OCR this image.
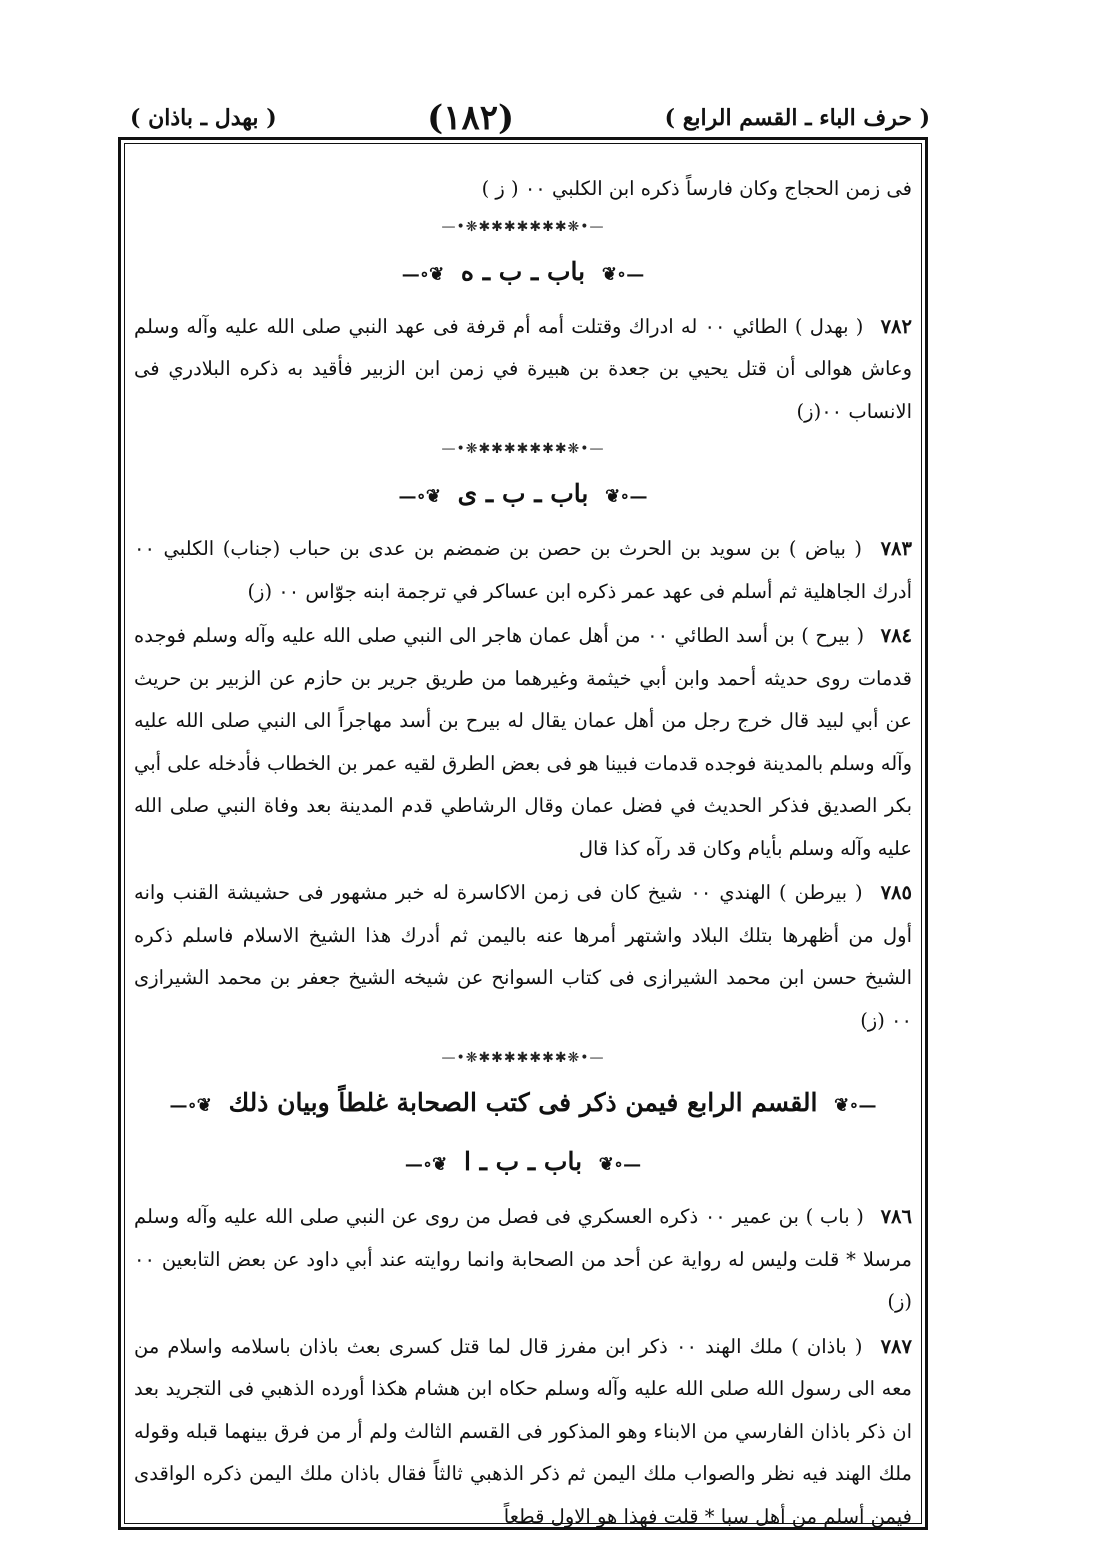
( حرف الباء ـ القسم الرابع )
(١٨٢)
( بهدل ـ باذان )

فى زمن الحجاج وكان فارساً ذكره ابن الكلبي ٠٠ ( ز )

—•❋✱✱✱✱✱✱✱❋•—
—∘❦ باب ـ ب ـ ه ❦∘—

٧٨٢ ( بهدل ) الطائي ٠٠ له ادراك وقتلت أمه أم قرفة فى عهد النبي صلى الله عليه وآله وسلم وعاش هوالى أن قتل يحيي بن جعدة بن هبيرة في زمن ابن الزبير فأقيد به ذكره البلادري فى الانساب ٠٠(ز)

—•❋✱✱✱✱✱✱✱❋•—
—∘❦ باب ـ ب ـ ى ❦∘—

٧٨٣ ( بياض ) بن سويد بن الحرث بن حصن بن ضمضم بن عدى بن حباب (جناب) الكلبي ٠٠ أدرك الجاهلية ثم أسلم فى عهد عمر ذكره ابن عساكر في ترجمة ابنه جوّاس ٠٠ (ز)

٧٨٤ ( بيرح ) بن أسد الطائي ٠٠ من أهل عمان هاجر الى النبي صلى الله عليه وآله وسلم فوجده قدمات روى حديثه أحمد وابن أبي خيثمة وغيرهما من طريق جرير بن حازم عن الزبير بن حريث عن أبي لبيد قال خرج رجل من أهل عمان يقال له بيرح بن أسد مهاجراً الى النبي صلى الله عليه وآله وسلم بالمدينة فوجده قدمات فبينا هو فى بعض الطرق لقيه عمر بن الخطاب فأدخله على أبي بكر الصديق فذكر الحديث في فضل عمان وقال الرشاطي قدم المدينة بعد وفاة النبي صلى الله عليه وآله وسلم بأيام وكان قد رآه كذا قال

٧٨٥ ( بيرطن ) الهندي ٠٠ شيخ كان فى زمن الاكاسرة له خبر مشهور فى حشيشة القنب وانه أول من أظهرها بتلك البلاد واشتهر أمرها عنه باليمن ثم أدرك هذا الشيخ الاسلام فاسلم ذكره الشيخ حسن ابن محمد الشيرازى فى كتاب السوانح عن شيخه الشيخ جعفر بن محمد الشيرازى ٠٠ (ز)

—•❋✱✱✱✱✱✱✱❋•—
—∘❦ القسم الرابع فيمن ذكر فى كتب الصحابة غلطاً وبيان ذلك ❦∘—
—∘❦ باب ـ ب ـ ا ❦∘—

٧٨٦ ( باب ) بن عمير ٠٠ ذكره العسكري فى فصل من روى عن النبي صلى الله عليه وآله وسلم مرسلا * قلت وليس له رواية عن أحد من الصحابة وانما روايته عند أبي داود عن بعض التابعين ٠٠ (ز)

٧٨٧ ( باذان ) ملك الهند ٠٠ ذكر ابن مفرز قال لما قتل كسرى بعث باذان باسلامه واسلام من معه الى رسول الله صلى الله عليه وآله وسلم حكاه ابن هشام هكذا أورده الذهبي فى التجريد بعد ان ذكر باذان الفارسي من الابناء وهو المذكور فى القسم الثالث ولم أر من فرق بينهما قبله وقوله ملك الهند فيه نظر والصواب ملك اليمن ثم ذكر الذهبي ثالثاً فقال باذان ملك اليمن ذكره الواقدى فيمن أسلم من أهل سبا * قلت فهذا هو الاول قطعاً
